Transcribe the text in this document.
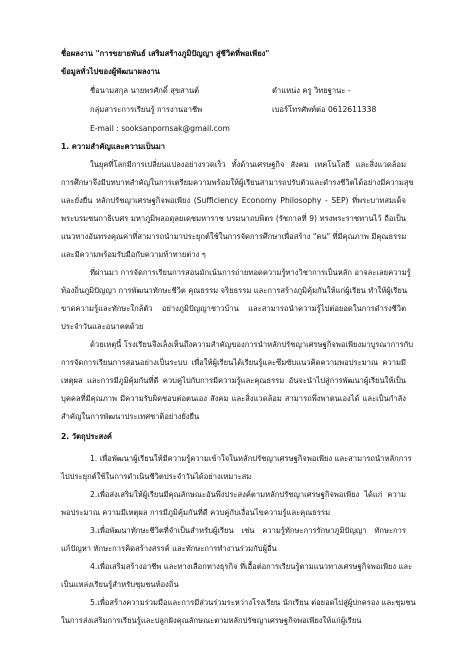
ชื่อผลงาน "การขยายพันธ์ เสริมสร้างภูมิปัญญา สู่ชีวิตที่พอเพียง"
ข้อมูลทั่วไปของผู้พัฒนาผลงาน
ชื่อนามสกุล นายพรศักดิ์ สุขสานต์	ตำแหน่ง ครู วิทยฐานะ -
กลุ่มสาระการเรียนรู้ การงานอาชีพ	เบอร์โทรศัพท์ต่อ 0612611338
E-mail : sooksanpornsak@gmail.com
1. ความสำคัญและความเป็นมา
ในยุคที่โลกมีการเปลี่ยนแปลงอย่างรวดเร็ว ทั้งด้านเศรษฐกิจ สังคม เทคโนโลยี และสิ่งแวดล้อม
การศึกษาจึงมีบทบาทสำคัญในการเตรียมความพร้อมให้ผู้เรียนสามารถปรับตัวและดำรงชีวิตได้อย่างมีความสุข
และยั่งยืน หลักปรัชญาเศรษฐกิจพอเพียง (Sufficiency Economy Philosophy - SEP) ที่พระบาทสมเด็จ
พระบรมชนกาธิเบศร มหาภูมิพลอดุลยเดชมหาราช บรมนาถบพิตร (รัชกาลที่ 9) ทรงพระราชทานไว้ ถือเป็น
แนวทางอันทรงคุณค่าที่สามารถนำมาประยุกต์ใช้ในการจัดการศึกษาเพื่อสร้าง "คน" ที่มีคุณภาพ มีคุณธรรม
และมีความพร้อมรับมือกับความท้าทายต่าง ๆ
ที่ผ่านมา การจัดการเรียนการสอนมักเน้นการถ่ายทอดความรู้ทางวิชาการเป็นหลัก อาจละเลยความรู้
ท้องถิ่นภูมิปัญญา การพัฒนาทักษะชีวิต คุณธรรม จริยธรรม และการสร้างภูมิคุ้มกันให้แก่ผู้เรียน ทำให้ผู้เรียน
ขาดความรู้และทักษะใกล้ตัว อย่างภูมิปัญญาชาวบ้าน และสามารถนำความรู้ไปต่อยอดในการดำรงชีวิต
ประจำวันและอนาคตด้วย
ด้วยเหตุนี้ โรงเรียนจึงเล็งเห็นถึงความสำคัญของการนำหลักปรัชญาเศรษฐกิจพอเพียงมาบูรณาการกับ
การจัดการเรียนการสอนอย่างเป็นระบบ เพื่อให้ผู้เรียนได้เรียนรู้และซึมซับแนวคิดความพอประมาณ ความมี
เหตุผล และการมีภูมิคุ้มกันที่ดี ควบคู่ไปกับการมีความรู้และคุณธรรม อันจะนำไปสู่การพัฒนาผู้เรียนให้เป็น
บุคคลที่มีคุณภาพ มีความรับผิดชอบต่อตนเอง สังคม และสิ่งแวดล้อม สามารถพึ่งพาตนเองได้ และเป็นกำลัง
สำคัญในการพัฒนาประเทศชาติอย่างยั่งยืน
2. วัตถุประสงค์
1. เพื่อพัฒนาผู้เรียนให้มีความรู้ความเข้าใจในหลักปรัชญาเศรษฐกิจพอเพียง และสามารถนำหลักการ
ไปประยุกต์ใช้ในการดำเนินชีวิตประจำวันได้อย่างเหมาะสม
2.เพื่อส่งเสริมให้ผู้เรียนมีคุณลักษณะอันพึงประสงค์ตามหลักปรัชญาเศรษฐกิจพอเพียง ได้แก่ ความ
พอประมาณ ความมีเหตุผล การมีภูมิคุ้มกันที่ดี ควบคู่กับเงื่อนไขความรู้และคุณธรรม
3.เพื่อพัฒนาทักษะชีวิตที่จำเป็นสำหรับผู้เรียน เช่น ความรู้ทักษะการรักษาภูมิปัญญา ทักษะการ
แก้ปัญหา ทักษะการคิดสร้างสรรค์ และทักษะการทำงานร่วมกับผู้อื่น
4.เพื่อเสริมสร้างอาชีพ และทางเลือกทางธุรกิจ ที่เอื้อต่อการเรียนรู้ตามแนวทางเศรษฐกิจพอเพียง และ
เป็นแหล่งเรียนรู้สำหรับชุมชนท้องถิ่น
5.เพื่อสร้างความร่วมมือและการมีส่วนร่วมระหว่างโรงเรียน นักเรียน ต่อยอดไปสู่ผู้ปกครอง และชุมชน
ในการส่งเสริมการเรียนรู้และปลูกฝังคุณลักษณะตามหลักปรัชญาเศรษฐกิจพอเพียงให้แก่ผู้เรียน
